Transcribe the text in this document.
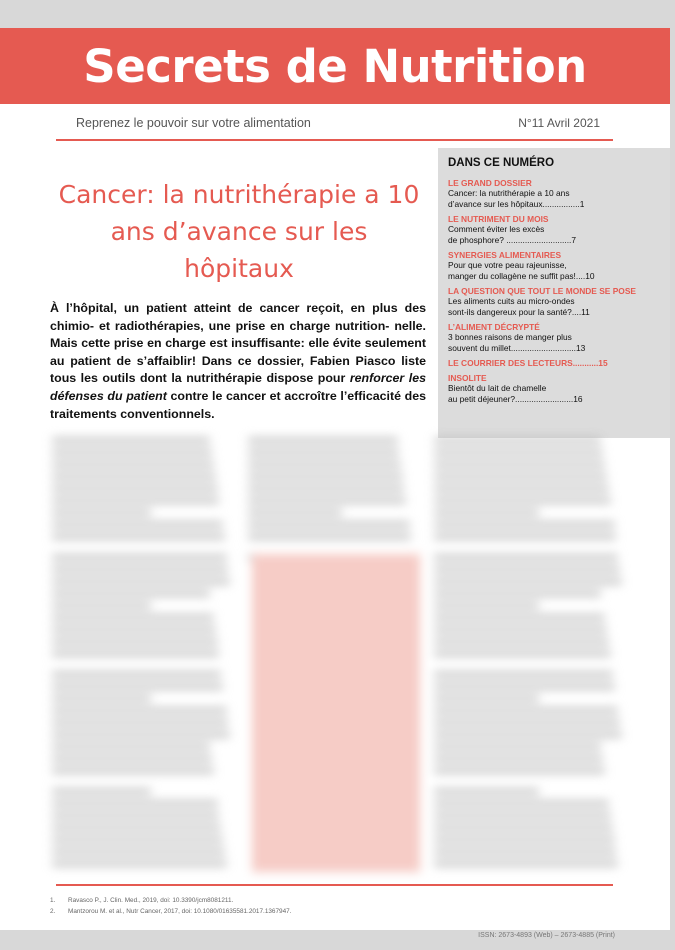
Secrets de Nutrition
Reprenez le pouvoir sur votre alimentation	N°11 Avril 2021
Cancer: la nutrithérapie a 10 ans d’avance sur les hôpitaux

À l’hôpital, un patient atteint de cancer reçoit, en plus des chimio- et radiothérapies, une prise en charge nutrition- nelle. Mais cette prise en charge est insuffisante: elle évite seulement au patient de s’affaiblir! Dans ce dossier, Fabien Piasco liste tous les outils dont la nutrithérapie dispose pour renforcer les défenses du patient contre le cancer et accroître l’efficacité des traitements conventionnels.

DANS CE NUMÉRO
LE GRAND DOSSIER
Cancer: la nutrithérapie a 10 ans
d’avance sur les hôpitaux................1
LE NUTRIMENT DU MOIS
Comment éviter les excès
de phosphore? ............................7
SYNERGIES ALIMENTAIRES
Pour que votre peau rajeunisse,
manger du collagène ne suffit pas!....10
LA QUESTION QUE TOUT LE MONDE SE POSE
Les aliments cuits au micro-ondes
sont-ils dangereux pour la santé?....11
L’ALIMENT DÉCRYPTÉ
3 bonnes raisons de manger plus
souvent du millet............................13
LE COURRIER DES LECTEURS...........15
INSOLITE
Bientôt du lait de chamelle
au petit déjeuner?.........................16
1. Ravasco P., J. Clin. Med., 2019, doi: 10.3390/jcm8081211.
2. Mantzorou M. et al., Nutr Cancer, 2017, doi: 10.1080/01635581.2017.1367947.
ISSN: 2673-4893 (Web) – 2673-4885 (Print)
